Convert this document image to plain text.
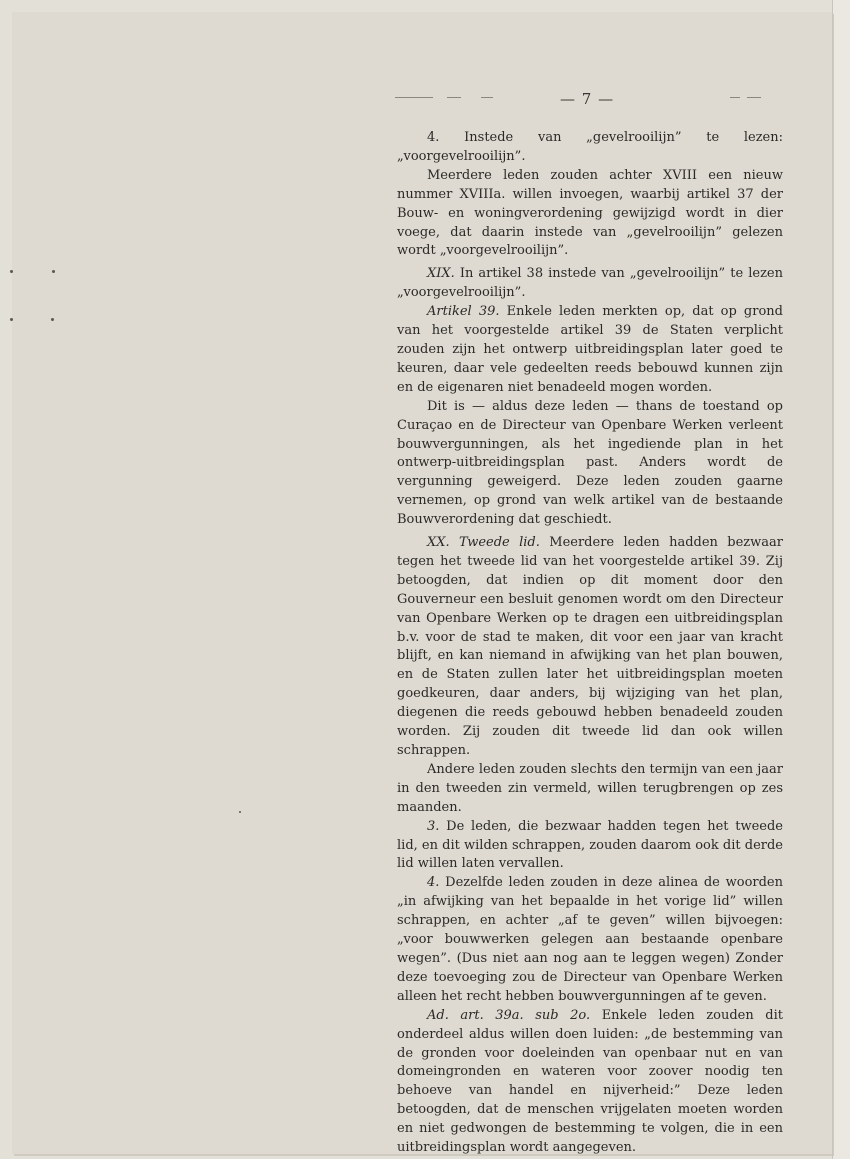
— 7 —

4. Instede van „gevelrooilijn” te lezen: „voorgevelrooilijn”.

Meerdere leden zouden achter XVIII een nieuw nummer XVIIIa. willen invoegen, waarbij artikel 37 der Bouw- en woningverordening gewijzigd wordt in dier voege, dat daarin instede van „gevelrooilijn” gelezen wordt „voorgevelrooilijn”.

XIX. In artikel 38 instede van „gevelrooilijn” te lezen „voorgevelrooilijn”.

Artikel 39. Enkele leden merkten op, dat op grond van het voorgestelde artikel 39 de Staten verplicht zouden zijn het ontwerp uitbreidingsplan later goed te keuren, daar vele gedeelten reeds bebouwd kunnen zijn en de eigenaren niet benadeeld mogen worden.

Dit is — aldus deze leden — thans de toestand op Curaçao en de Directeur van Openbare Werken verleent bouwvergunningen, als het ingediende plan in het ontwerp-uitbreidingsplan past. Anders wordt de vergunning geweigerd. Deze leden zouden gaarne vernemen, op grond van welk artikel van de bestaande Bouwverordening dat geschiedt.

XX. Tweede lid. Meerdere leden hadden bezwaar tegen het tweede lid van het voorgestelde artikel 39. Zij betoogden, dat indien op dit moment door den Gouverneur een besluit genomen wordt om den Directeur van Openbare Werken op te dragen een uitbreidingsplan b.v. voor de stad te maken, dit voor een jaar van kracht blijft, en kan niemand in afwijking van het plan bouwen, en de Staten zullen later het uitbreidingsplan moeten goedkeuren, daar anders, bij wijziging van het plan, diegenen die reeds gebouwd hebben benadeeld zouden worden. Zij zouden dit tweede lid dan ook willen schrappen.

Andere leden zouden slechts den termijn van een jaar in den tweeden zin vermeld, willen terugbrengen op zes maanden.

3. De leden, die bezwaar hadden tegen het tweede lid, en dit wilden schrappen, zouden daarom ook dit derde lid willen laten vervallen.

4. Dezelfde leden zouden in deze alinea de woorden „in afwijking van het bepaalde in het vorige lid” willen schrappen, en achter „af te geven” willen bijvoegen: „voor bouwwerken gelegen aan bestaande openbare wegen”. (Dus niet aan nog aan te leggen wegen) Zonder deze toevoeging zou de Directeur van Openbare Werken alleen het recht hebben bouwvergunningen af te geven.

Ad. art. 39a. sub 2o. Enkele leden zouden dit onderdeel aldus willen doen luiden: „de bestemming van de gronden voor doeleinden van openbaar nut en van domeingronden en wateren voor zoover noodig ten behoeve van handel en nijverheid:” Deze leden betoogden, dat de menschen vrijgelaten moeten worden en niet gedwongen de bestemming te volgen, die in een uitbreidingsplan wordt aangegeven.
